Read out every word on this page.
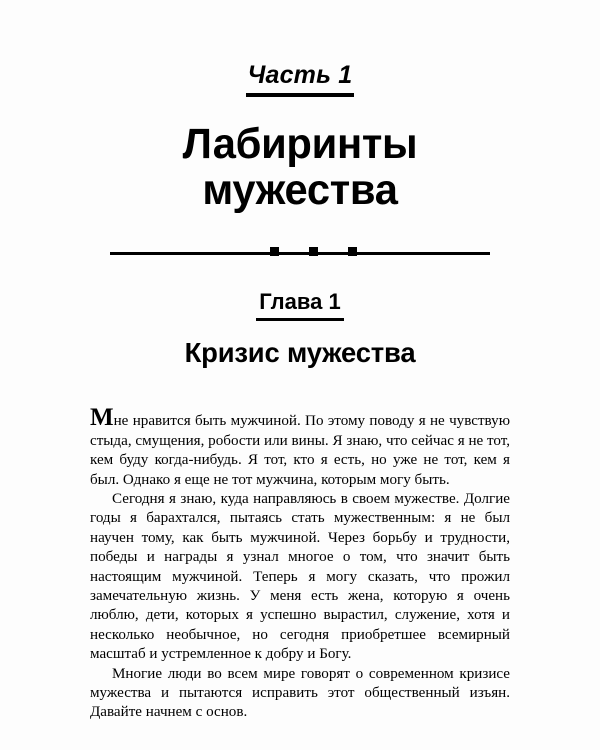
Часть 1
Лабиринты
мужества
Глава 1
Кризис мужества

Мне нравится быть мужчиной. По этому поводу я не чувствую стыда, смущения, робости или вины. Я знаю, что сейчас я не тот, кем буду когда-нибудь. Я тот, кто я есть, но уже не тот, кем я был. Однако я еще не тот мужчина, которым могу быть.

Сегодня я знаю, куда направляюсь в своем мужестве. Долгие годы я барахтался, пытаясь стать мужественным: я не был научен тому, как быть мужчиной. Через борьбу и трудности, победы и награды я узнал многое о том, что значит быть настоящим мужчиной. Теперь я могу сказать, что прожил замечательную жизнь. У меня есть жена, которую я очень люблю, дети, которых я успешно вырастил, служение, хотя и несколько необычное, но сегодня приобретшее всемирный масштаб и устремленное к добру и Богу.

Многие люди во всем мире говорят о современном кризисе мужества и пытаются исправить этот общественный изъян. Давайте начнем с основ.
